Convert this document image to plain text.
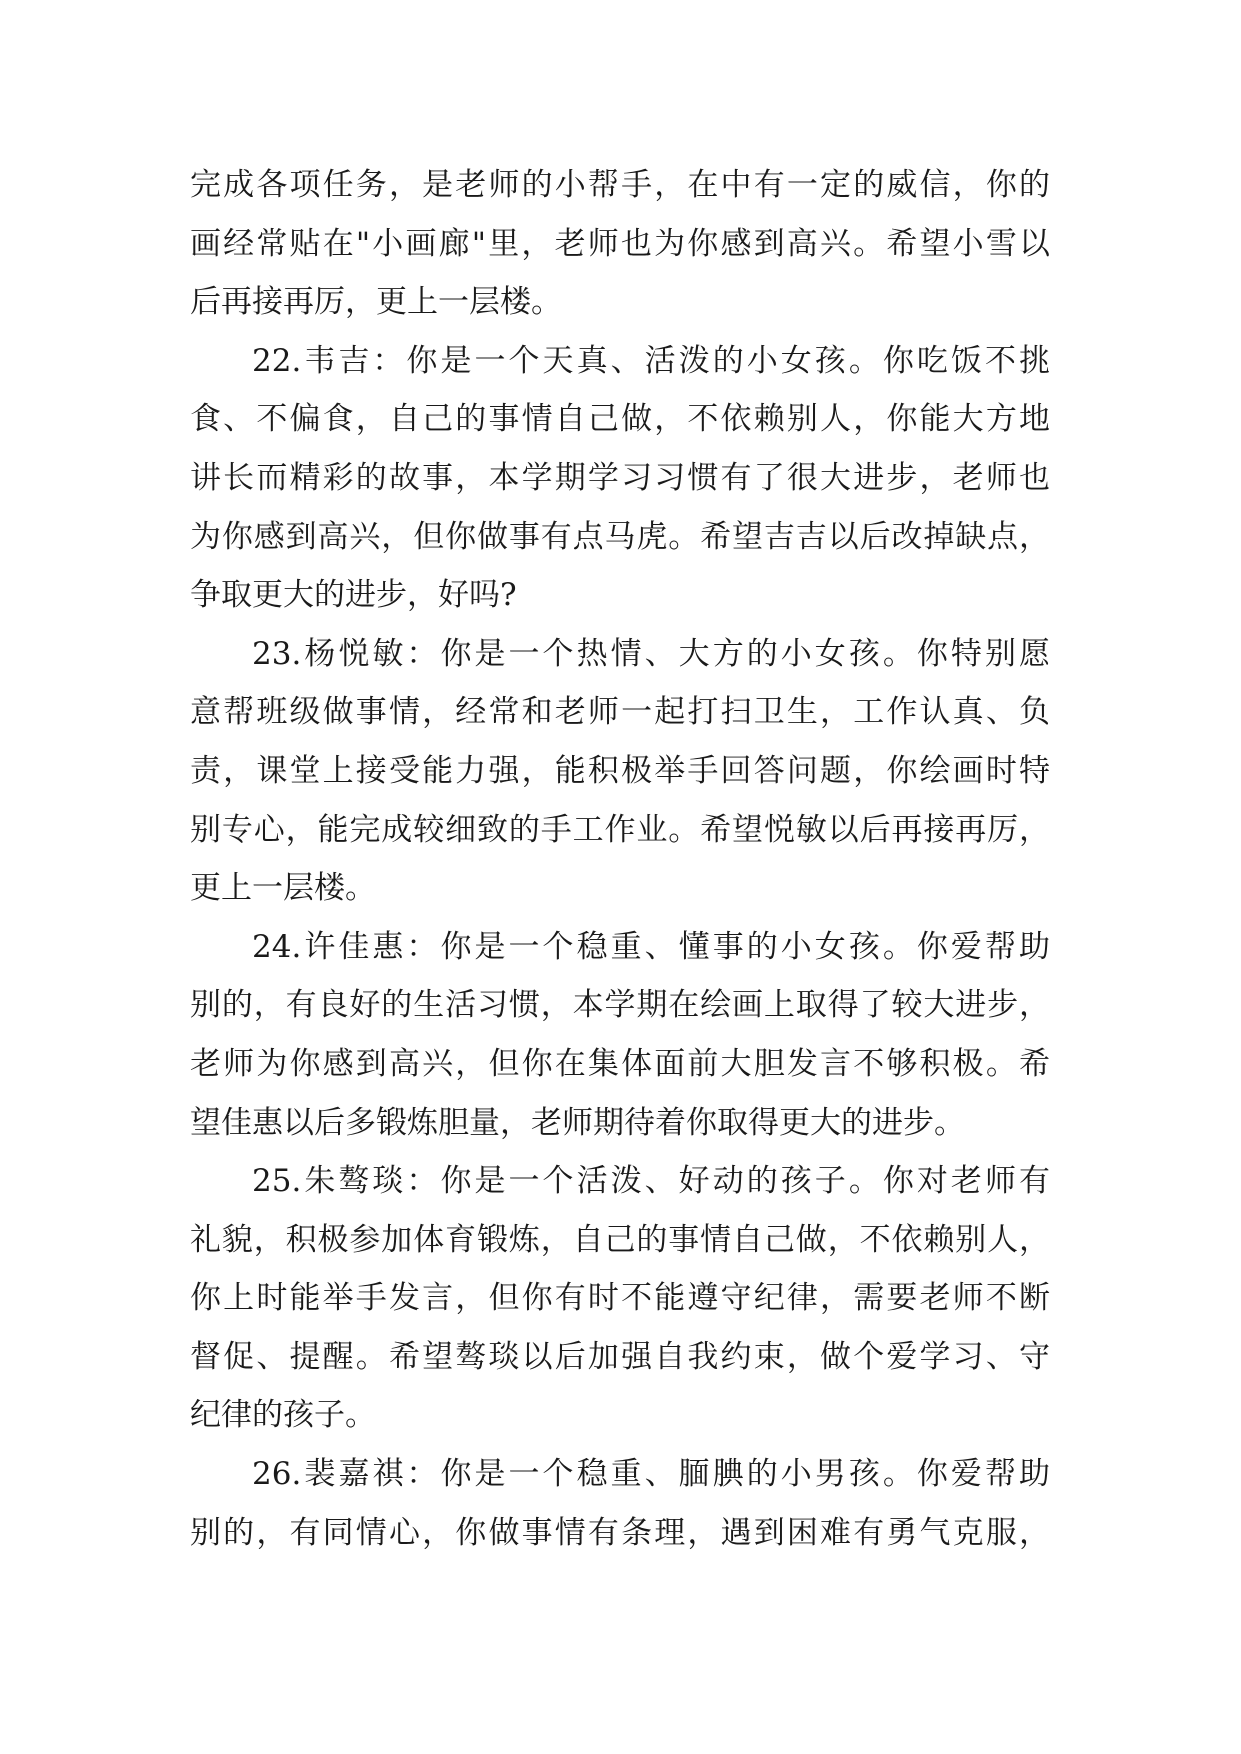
完成各项任务，是老师的小帮手，在中有一定的威信，你的
画经常贴在"小画廊"里，老师也为你感到高兴。希望小雪以
后再接再厉，更上一层楼。
22.韦吉：你是一个天真、活泼的小女孩。你吃饭不挑
食、不偏食，自己的事情自己做，不依赖别人，你能大方地
讲长而精彩的故事，本学期学习习惯有了很大进步，老师也
为你感到高兴，但你做事有点马虎。希望吉吉以后改掉缺点，
争取更大的进步，好吗?
23.杨悦敏：你是一个热情、大方的小女孩。你特别愿
意帮班级做事情，经常和老师一起打扫卫生，工作认真、负
责，课堂上接受能力强，能积极举手回答问题，你绘画时特
别专心，能完成较细致的手工作业。希望悦敏以后再接再厉，
更上一层楼。
24.许佳惠：你是一个稳重、懂事的小女孩。你爱帮助
别的，有良好的生活习惯，本学期在绘画上取得了较大进步，
老师为你感到高兴，但你在集体面前大胆发言不够积极。希
望佳惠以后多锻炼胆量，老师期待着你取得更大的进步。
25.朱骜琰：你是一个活泼、好动的孩子。你对老师有
礼貌，积极参加体育锻炼，自己的事情自己做，不依赖别人，
你上时能举手发言，但你有时不能遵守纪律，需要老师不断
督促、提醒。希望骜琰以后加强自我约束，做个爱学习、守
纪律的孩子。
26.裴嘉祺：你是一个稳重、腼腆的小男孩。你爱帮助
别的，有同情心，你做事情有条理，遇到困难有勇气克服，
